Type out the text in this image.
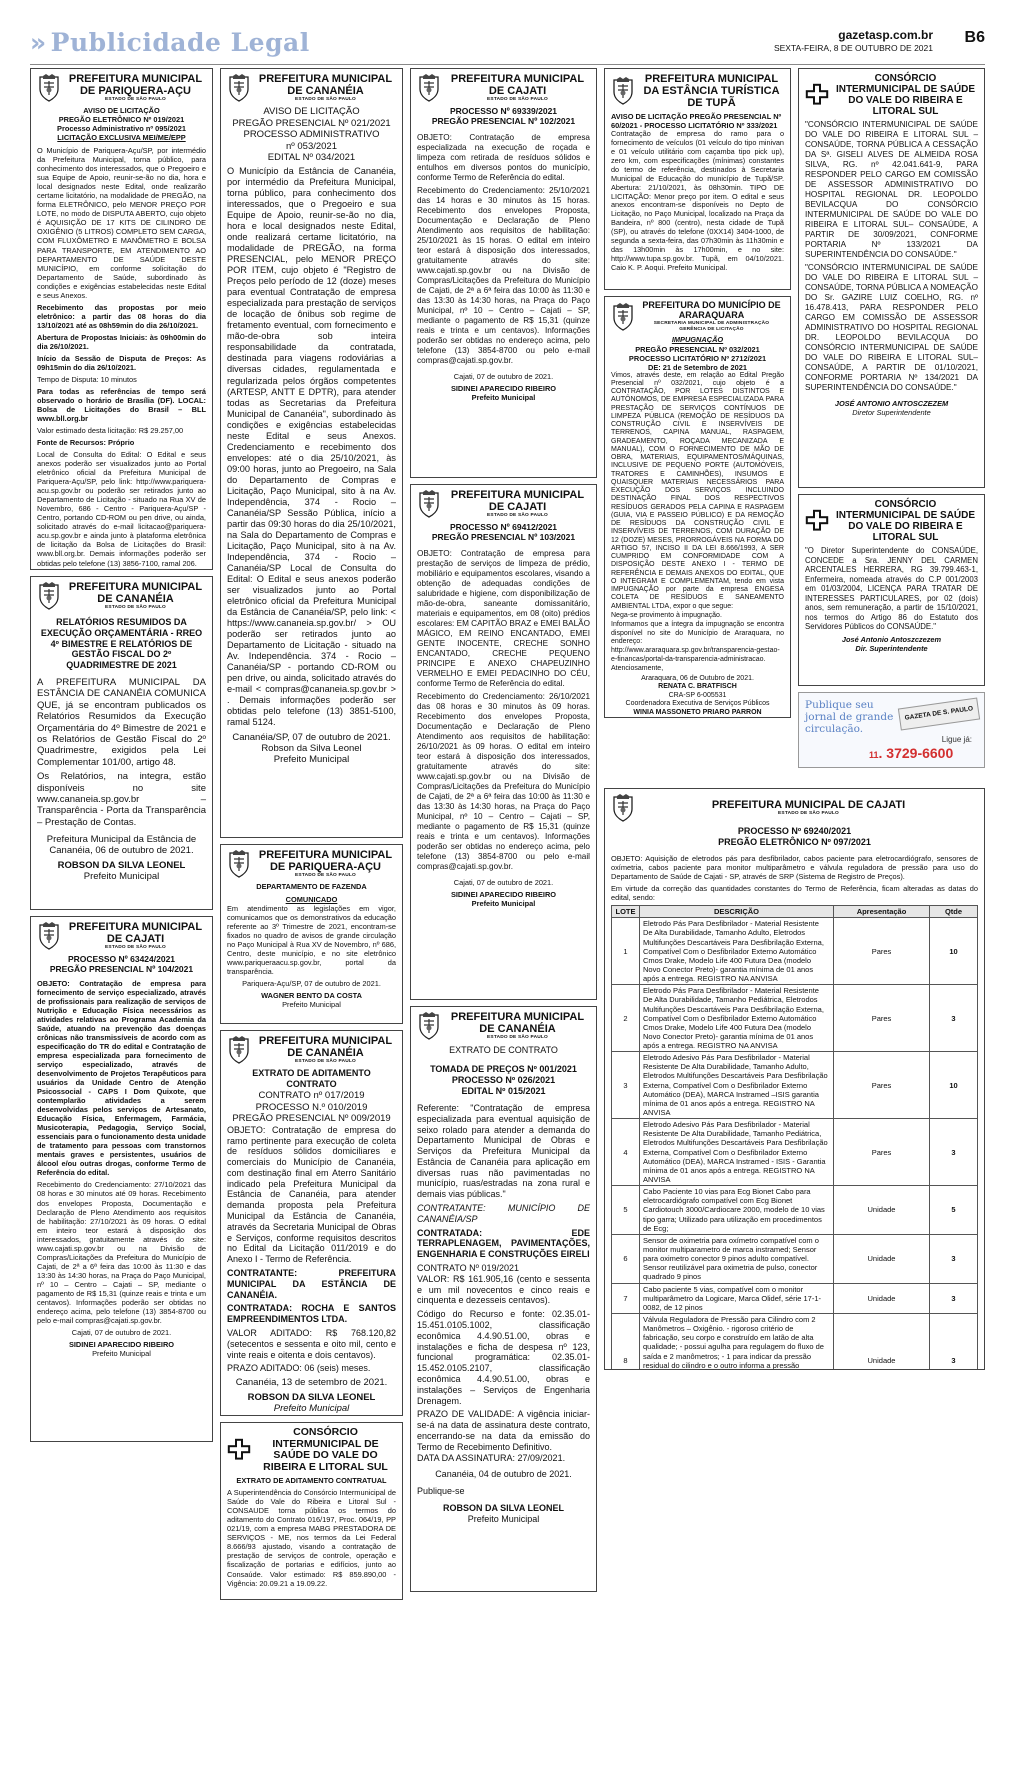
» Publicidade Legal	gazetasp.com.br
SEXTA-FEIRA, 8 DE OUTUBRO DE 2021
B6
PREFEITURA MUNICIPAL DE PARIQUERA-AÇU
ESTADO DE SÃO PAULO
AVISO DE LICITAÇÃO
PREGÃO ELETRÔNICO Nº 019/2021
Processo Administrativo nº 095/2021
LICITAÇÃO EXCLUSIVA MEI/ME/EPP

O Município de Pariquera-Açu/SP, por intermédio da Prefeitura Municipal, torna público, para conhecimento dos interessados, que o Pregoeiro e sua Equipe de Apoio, reunir-se-ão no dia, hora e local designados neste Edital, onde realizarão certame licitatório, na modalidade de PREGÃO, na forma ELETRÔNICO, pelo MENOR PREÇO POR LOTE, no modo de DISPUTA ABERTO, cujo objeto é AQUISIÇÃO DE 17 KITS DE CILINDRO DE OXIGÊNIO (5 LITROS) COMPLETO SEM CARGA, COM FLUXÔMETRO E MANÔMETRO E BOLSA PARA TRANSPORTE, EM ATENDIMENTO AO DEPARTAMENTO DE SAÚDE DESTE MUNICÍPIO, em conforme solicitação do Departamento de Saúde, subordinado às condições e exigências estabelecidas neste Edital e seus Anexos.

Recebimento das propostas por meio eletrônico: a partir das 08 horas do dia 13/10/2021 até as 08h59min do dia 26/10/2021.

Abertura de Propostas Iniciais: às 09h00min do dia 26/10/2021.

Início da Sessão de Disputa de Preços: As 09h15min do dia 26/10/2021.

Tempo de Disputa: 10 minutos

Para todas as referências de tempo será observado o horário de Brasília (DF). LOCAL: Bolsa de Licitações do Brasil – BLL www.bll.org.br

Valor estimado desta licitação: R$ 29.257,00

Fonte de Recursos: Próprio

Local de Consulta do Edital: O Edital e seus anexos poderão ser visualizados junto ao Portal eletrônico oficial da Prefeitura Municipal de Pariquera-Açu/SP, pelo link: http://www.pariquera-acu.sp.gov.br ou poderão ser retirados junto ao Departamento de Licitação - situado na Rua XV de Novembro, 686 - Centro - Pariquera-Açu/SP - Centro, portando CD-ROM ou pen drive, ou ainda, solicitado através do e-mail licitacao@pariquera-acu.sp.gov.br e ainda junto à plataforma eletrônica de licitação da Bolsa de Licitações do Brasil: www.bll.org.br. Demais informações poderão ser obtidas pelo telefone (13) 3856-7100, ramal 206.

PREFEITURA MUNICIPAL DE CANANÉIA
ESTADO DE SÃO PAULO
RELATÓRIOS RESUMIDOS DA EXECUÇÃO ORÇAMENTÁRIA - RREO 4º BIMESTRE E RELATÓRIOS DE GESTÃO FISCAL DO 2º QUADRIMESTRE DE 2021

A PREFEITURA MUNICIPAL DA ESTÂNCIA DE CANANÉIA COMUNICA QUE, já se encontram publicados os Relatórios Resumidos da Execução Orçamentária do 4º Bimestre de 2021 e os Relatórios de Gestão Fiscal do 2º Quadrimestre, exigidos pela Lei Complementar 101/00, artigo 48.

Os Relatórios, na integra, estão disponíveis no site www.cananeia.sp.gov.br – Transparência - Porta da Transparência – Prestação de Contas.

Prefeitura Municipal da Estância de Cananéia, 06 de outubro de 2021.
ROBSON DA SILVA LEONEL
Prefeito Municipal
PREFEITURA MUNICIPAL DE CAJATI
ESTADO DE SÃO PAULO
PROCESSO Nº 63424/2021
PREGÃO PRESENCIAL Nº 104/2021

OBJETO: Contratação de empresa para fornecimento de serviço especializado, através de profissionais para realização de serviços de Nutrição e Educação Física necessários as atividades relativas ao Programa Academia da Saúde, atuando na prevenção das doenças crônicas não transmissíveis de acordo com as especificação do TR do edital e Contratação de empresa especializada para fornecimento de serviço especializado, através de desenvolvimento de Projetos Terapêuticos para usuários da Unidade Centro de Atenção Psicossocial - CAPS I Dom Quixote, que contemplarão atividades a serem desenvolvidas pelos serviços de Artesanato, Educação Física, Enfermagem, Farmácia, Musicoterapia, Pedagogia, Serviço Social, essenciais para o funcionamento desta unidade de tratamento para pessoas com transtornos mentais graves e persistentes, usuários de álcool e/ou outras drogas, conforme Termo de Referência do edital.

Recebimento do Credenciamento: 27/10/2021 das 08 horas e 30 minutos até 09 horas. Recebimento dos envelopes Proposta, Documentação e Declaração de Pleno Atendimento aos requisitos de habilitação: 27/10/2021 às 09 horas. O edital em inteiro teor estará à disposição dos interessados, gratuitamente através do site: www.cajati.sp.gov.br ou na Divisão de Compras/Licitações da Prefeitura do Município de Cajati, de 2ª a 6ª feira das 10:00 às 11:30 e das 13:30 às 14:30 horas, na Praça do Paço Municipal, nº 10 – Centro – Cajati – SP, mediante o pagamento de R$ 15,31 (quinze reais e trinta e um centavos). Informações poderão ser obtidas no endereço acima, pelo telefone (13) 3854-8700 ou pelo e-mail compras@cajati.sp.gov.br.

Cajati, 07 de outubro de 2021.
SIDINEI APARECIDO RIBEIRO
Prefeito Municipal
PREFEITURA MUNICIPAL DE CANANÉIA
ESTADO DE SÃO PAULO
AVISO DE LICITAÇÃO
PREGÃO PRESENCIAL Nº 021/2021
PROCESSO ADMINISTRATIVO
nº 053/2021
EDITAL Nº 034/2021

O Município da Estância de Cananéia, por intermédio da Prefeitura Municipal, torna público, para conhecimento dos interessados, que o Pregoeiro e sua Equipe de Apoio, reunir-se-ão no dia, hora e local designados neste Edital, onde realizará certame licitatório, na modalidade de PREGÃO, na forma PRESENCIAL, pelo MENOR PREÇO POR ITEM, cujo objeto é "Registro de Preços pelo período de 12 (doze) meses para eventual Contratação de empresa especializada para prestação de serviços de locação de ônibus sob regime de fretamento eventual, com fornecimento e mão-de-obra sob inteira responsabilidade da contratada, destinada para viagens rodoviárias a diversas cidades, regulamentada e regularizada pelos órgãos competentes (ARTESP, ANTT E DPTR), para atender todas as Secretarias da Prefeitura Municipal de Cananéia", subordinado às condições e exigências estabelecidas neste Edital e seus Anexos. Credenciamento e recebimento dos envelopes: até o dia 25/10/2021, às 09:00 horas, junto ao Pregoeiro, na Sala do Departamento de Compras e Licitação, Paço Municipal, sito à na Av. Independência, 374 - Rocio – Cananéia/SP Sessão Pública, início a partir das 09:30 horas do dia 25/10/2021, na Sala do Departamento de Compras e Licitação, Paço Municipal, sito à na Av. Independência, 374 - Rocio – Cananéia/SP Local de Consulta do Edital: O Edital e seus anexos poderão ser visualizados junto ao Portal eletrônico oficial da Prefeitura Municipal da Estância de Cananéia/SP, pelo link: < https://www.cananeia.sp.gov.br/ > OU poderão ser retirados junto ao Departamento de Licitação - situado na Av. Independência. 374 - Rocio – Cananéia/SP - portando CD-ROM ou pen drive, ou ainda, solicitado através do e-mail < compras@cananeia.sp.gov.br > . Demais informações poderão ser obtidas pelo telefone (13) 3851-5100, ramal 5124.

Cananéia/SP, 07 de outubro de 2021.
Robson da Silva Leonel
Prefeito Municipal
PREFEITURA MUNICIPAL DE PARIQUERA-AÇU
ESTADO DE SÃO PAULO
DEPARTAMENTO DE FAZENDA
COMUNICADO

Em atendimento as legislações em vigor, comunicamos que os demonstrativos da educação referente ao 3º Trimestre de 2021, encontram-se fixados no quadro de avisos de grande circulação no Paço Municipal à Rua XV de Novembro, nº 686, Centro, deste município, e no site eletrônico www.pariqueraacu.sp.gov.br, portal da transparência.

Pariquera-Açu/SP, 07 de outubro de 2021.
WAGNER BENTO DA COSTA
Prefeito Municipal
PREFEITURA MUNICIPAL DE CANANÉIA
ESTADO DE SÃO PAULO
EXTRATO DE ADITAMENTO CONTRATO
CONTRATO nº 017/2019
PROCESSO N.º 010/2019
PREGÃO PRESENCIAL Nº 009/2019

OBJETO: Contratação de empresa do ramo pertinente para execução de coleta de resíduos sólidos domiciliares e comerciais do Município de Cananéia, com destinação final em Aterro Sanitário indicado pela Prefeitura Municipal da Estância de Cananéia, para atender demanda proposta pela Prefeitura Municipal da Estância de Cananéia, através da Secretaria Municipal de Obras e Serviços, conforme requisitos descritos no Edital da Licitação 011/2019 e do Anexo I - Termo de Referência.

CONTRATANTE: PREFEITURA MUNICIPAL DA ESTÂNCIA DE CANANÉIA.

CONTRATADA: ROCHA E SANTOS EMPREENDIMENTOS LTDA.

VALOR ADITADO: R$ 768.120,82 (setecentos e sessenta e oito mil, cento e vinte reais e oitenta e dois centavos).

PRAZO ADITADO: 06 (seis) meses.

Cananéia, 13 de setembro de 2021.
ROBSON DA SILVA LEONEL
Prefeito Municipal
CONSÓRCIO INTERMUNICIPAL DE SAÚDE DO VALE DO RIBEIRA E LITORAL SUL
EXTRATO DE ADITAMENTO CONTRATUAL

A Superintendência do Consórcio Intermunicipal de Saúde do Vale do Ribeira e Litoral Sul - CONSAUDE torna pública os termos do aditamento do Contrato 016/197, Proc. 064/19, PP 021/19, com a empresa MABG PRESTADORA DE SERVIÇOS - ME, nos termos da Lei Federal 8.666/93 ajustado, visando a contratação de prestação de serviços de controle, operação e fiscalização de portarias e edifícios, junto ao Consaúde. Valor estimado: R$ 859.890,00 - Vigência: 20.09.21 a 19.09.22.

PREFEITURA MUNICIPAL DE CAJATI
ESTADO DE SÃO PAULO
PROCESSO Nº 69339/2021
PREGÃO PRESENCIAL Nº 102/2021

OBJETO: Contratação de empresa especializada na execução de roçada e limpeza com retirada de resíduos sólidos e entulhos em diversos pontos do município, conforme Termo de Referência do edital.

Recebimento do Credenciamento: 25/10/2021 das 14 horas e 30 minutos às 15 horas. Recebimento dos envelopes Proposta, Documentação e Declaração de Pleno Atendimento aos requisitos de habilitação: 25/10/2021 às 15 horas. O edital em inteiro teor estará à disposição dos interessados, gratuitamente através do site: www.cajati.sp.gov.br ou na Divisão de Compras/Licitações da Prefeitura do Município de Cajati, de 2ª a 6ª feira das 10:00 às 11:30 e das 13:30 às 14:30 horas, na Praça do Paço Municipal, nº 10 – Centro – Cajati – SP, mediante o pagamento de R$ 15,31 (quinze reais e trinta e um centavos). Informações poderão ser obtidas no endereço acima, pelo telefone (13) 3854-8700 ou pelo e-mail compras@cajati.sp.gov.br.

Cajati, 07 de outubro de 2021.
SIDINEI APARECIDO RIBEIRO
Prefeito Municipal
PREFEITURA MUNICIPAL DE CAJATI
ESTADO DE SÃO PAULO
PROCESSO Nº 69412/2021
PREGÃO PRESENCIAL Nº 103/2021

OBJETO: Contratação de empresa para prestação de serviços de limpeza de prédio, mobiliário e equipamentos escolares, visando a obtenção de adequadas condições de salubridade e higiene, com disponibilização de mão-de-obra, saneante domissanitário, materiais e equipamentos, em 08 (oito) prédios escolares: EM CAPITÃO BRAZ e EMEI BALÃO MÁGICO, EM REINO ENCANTADO, EMEI GENTE INOCENTE, CRECHE SONHO ENCANTADO, CRECHE PEQUENO PRINCIPE E ANEXO CHAPEUZINHO VERMELHO E EMEI PEDACINHO DO CÉU, conforme Termo de Referência do edital.

Recebimento do Credenciamento: 26/10/2021 das 08 horas e 30 minutos às 09 horas. Recebimento dos envelopes Proposta, Documentação e Declaração de Pleno Atendimento aos requisitos de habilitação: 26/10/2021 às 09 horas. O edital em inteiro teor estará à disposição dos interessados, gratuitamente através do site: www.cajati.sp.gov.br ou na Divisão de Compras/Licitações da Prefeitura do Município de Cajati, de 2ª a 6ª feira das 10:00 às 11:30 e das 13:30 às 14:30 horas, na Praça do Paço Municipal, nº 10 – Centro – Cajati – SP, mediante o pagamento de R$ 15,31 (quinze reais e trinta e um centavos). Informações poderão ser obtidas no endereço acima, pelo telefone (13) 3854-8700 ou pelo e-mail compras@cajati.sp.gov.br.

Cajati, 07 de outubro de 2021.
SIDINEI APARECIDO RIBEIRO
Prefeito Municipal
PREFEITURA MUNICIPAL DE CANANÉIA
ESTADO DE SÃO PAULO
EXTRATO DE CONTRATO
TOMADA DE PREÇOS Nº 001/2021
PROCESSO Nº 026/2021
EDITAL Nº 015/2021

Referente: "Contratação de empresa especializada para eventual aquisição de seixo rolado para atender a demanda do Departamento Municipal de Obras e Serviços da Prefeitura Municipal da Estância de Cananéia para aplicação em diversas ruas não pavimentadas no município, ruas/estradas na zona rural e demais vias públicas."

CONTRATANTE: MUNICÍPIO DE CANANÉIA/SP

CONTRATADA: EDE TERRAPLENAGEM, PAVIMENTAÇÕES, ENGENHARIA E CONSTRUÇÕES EIRELI

CONTRATO Nº 019/2021

VALOR: R$ 161.905,16 (cento e sessenta e um mil novecentos e cinco reais e cinquenta e dezesseis centavos).

Código do Recurso e fonte: 02.35.01-15.451.0105.1002, classificação econômica 4.4.90.51.00, obras e instalações e ficha de despesa nº 123, funcional programática: 02.35.01-15.452.0105.2107, classificação econômica 4.4.90.51.00, obras e instalações – Serviços de Engenharia Drenagem.

PRAZO DE VALIDADE: A vigência iniciar-se-á na data de assinatura deste contrato, encerrando-se na data da emissão do Termo de Recebimento Definitivo.

DATA DA ASSINATURA: 27/09/2021.

Cananéia, 04 de outubro de 2021.
Publique-se
ROBSON DA SILVA LEONEL
Prefeito Municipal
PREFEITURA MUNICIPAL DA ESTÂNCIA TURÍSTICA DE TUPÃ
AVISO DE LICITAÇÃO PREGÃO PRESENCIAL Nº 60/2021 - PROCESSO LICITATÓRIO Nº 333/2021

Contratação de empresa do ramo para o fornecimento de veículos (01 veículo do tipo minivan e 01 veículo utilitário com caçamba tipo pick up), zero km, com especificações (mínimas) constantes do termo de referência, destinados à Secretaria Municipal de Educação do município de Tupã/SP. Abertura: 21/10/2021, às 08h30min. TIPO DE LICITAÇÃO: Menor preço por item. O edital e seus anexos encontram-se disponíveis no Depto de Licitação, no Paço Municipal, localizado na Praça da Bandeira, nº 800 (centro), nesta cidade de Tupã (SP), ou através do telefone (0XX14) 3404-1000, de segunda a sexta-feira, das 07h30min às 11h30min e das 13h00min às 17h00min, e no site: http://www.tupa.sp.gov.br. Tupã, em 04/10/2021. Caio K. P. Aoqui. Prefeito Municipal.

PREFEITURA DO MUNICÍPIO DE ARARAQUARA
SECRETARIA MUNICIPAL DE ADMINISTRAÇÃO
GERÊNCIA DE LICITAÇÃO
IMPUGNAÇÃO
PREGÃO PRESENCIAL Nº 032/2021
PROCESSO LICITATÓRIO Nº 2712/2021
DE: 21 de Setembro de 2021

Vimos, através deste, em relação ao Edital Pregão Presencial nº 032/2021, cujo objeto é a CONTRATAÇÃO, POR LOTES DISTINTOS E AUTÔNOMOS, DE EMPRESA ESPECIALIZADA PARA PRESTAÇÃO DE SERVIÇOS CONTÍNUOS DE LIMPEZA PÚBLICA (REMOÇÃO DE RESÍDUOS DA CONSTRUÇÃO CIVIL E INSERVÍVEIS DE TERRENOS, CAPINA MANUAL, RASPAGEM, GRADEAMENTO, ROÇADA MECANIZADA E MANUAL), COM O FORNECIMENTO DE MÃO DE OBRA, MATERIAIS, EQUIPAMENTOS/MÁQUINAS, INCLUSIVE DE PEQUENO PORTE (AUTOMÓVEIS, TRATORES E CAMINHÕES), INSUMOS E QUAISQUER MATERIAIS NECESSÁRIOS PARA EXECUÇÃO DOS SERVIÇOS INCLUINDO DESTINAÇÃO FINAL DOS RESPECTIVOS RESÍDUOS GERADOS PELA CAPINA E RASPAGEM (GUIA, VIA E PASSEIO PÚBLICO) E DA REMOÇÃO DE RESÍDUOS DA CONSTRUÇÃO CIVIL E INSERVÍVEIS DE TERRENOS, COM DURAÇÃO DE 12 (DOZE) MESES, PRORROGÁVEIS NA FORMA DO ARTIGO 57, INCISO II DA LEI 8.666/1993, A SER CUMPRIDO EM CONFORMIDADE COM A DISPOSIÇÃO DESTE ANEXO I - TERMO DE REFERÊNCIA E DEMAIS ANEXOS DO EDITAL, QUE O INTEGRAM E COMPLEMENTAM, tendo em vista IMPUGNAÇÃO por parte da empresa ENGESA COLETA DE RESÍDUOS E SANEAMENTO AMBIENTAL LTDA, expor o que segue:

Nega-se provimento à impugnação.

Informamos que a íntegra da impugnação se encontra disponível no site do Município de Araraquara, no endereço: http://www.araraquara.sp.gov.br/transparencia-gestao-e-financas/portal-da-transparencia-administracao.

Atenciosamente,

Araraquara, 06 de Outubro de 2021.
RENATA C. BRATFISCH
CRA-SP 6-005531
Coordenadora Executiva de Serviços Públicos
WINIA MASSONETO PRIARO PARRON
CONSÓRCIO INTERMUNICIPAL DE SAÚDE DO VALE DO RIBEIRA E LITORAL SUL

"CONSÓRCIO INTERMUNICIPAL DE SAÚDE DO VALE DO RIBEIRA E LITORAL SUL – CONSAÚDE, TORNA PÚBLICA A CESSAÇÃO DA Sª. GISELI ALVES DE ALMEIDA ROSA SILVA, RG. nº 42.041.641-9, PARA RESPONDER PELO CARGO EM COMISSÃO DE ASSESSOR ADMINISTRATIVO DO HOSPITAL REGIONAL DR. LEOPOLDO BEVILACQUA DO CONSÓRCIO INTERMUNICIPAL DE SAÚDE DO VALE DO RIBEIRA E LITORAL SUL– CONSAÚDE, A PARTIR DE 30/09/2021, CONFORME PORTARIA Nº 133/2021 DA SUPERINTENDÊNCIA DO CONSAÚDE."

"CONSÓRCIO INTERMUNICIPAL DE SAÚDE DO VALE DO RIBEIRA E LITORAL SUL – CONSAÚDE, TORNA PÚBLICA A NOMEAÇÃO DO Sr. GAZIRE LUIZ COELHO, RG. nº 16.478.413, PARA RESPONDER PELO CARGO EM COMISSÃO DE ASSESSOR ADMINISTRATIVO DO HOSPITAL REGIONAL DR. LEOPOLDO BEVILACQUA DO CONSÓRCIO INTERMUNICIPAL DE SAÚDE DO VALE DO RIBEIRA E LITORAL SUL– CONSAÚDE, A PARTIR DE 01/10/2021, CONFORME PORTARIA Nº 134/2021 DA SUPERINTENDÊNCIA DO CONSAÚDE."

JOSÉ ANTONIO ANTOSCZEZEM
Diretor Superintendente
CONSÓRCIO INTERMUNICIPAL DE SAÚDE DO VALE DO RIBEIRA E LITORAL SUL

"O Diretor Superintendente do CONSAÚDE, CONCEDE a Sra. JENNY DEL CARMEN ARCENTALES HERRERA, RG 39.799.463-1, Enfermeira, nomeada através do C.P 001/2003 em 01/03/2004, LICENÇA PARA TRATAR DE INTERESSES PARTICULARES, por 02 (dois) anos, sem remuneração, a partir de 15/10/2021, nos termos do Artigo 86 do Estatuto dos Servidores Públicos do CONSAÚDE."

José Antonio Antoszczezem
Dir. Superintendente
Publique seu
jornal de grande
circulação.
GAZETA DE S. PAULO
Ligue já:
11. 3729-6600
PREFEITURA MUNICIPAL DE CAJATI
ESTADO DE SÃO PAULO
PROCESSO Nº 69240/2021
PREGÃO ELETRÔNICO Nº 097/2021

OBJETO: Aquisição de eletrodos pás para desfibrilador, cabos paciente para eletrocardiógrafo, sensores de oxímetria, cabos paciente para monitor multiparâmetro e válvula reguladora de pressão para uso do Departamento de Saúde de Cajati - SP, através de SRP (Sistema de Registro de Preços).

Em virtude da correção das quantidades constantes do Termo de Referência, ficam alteradas as datas do edital, sendo:

LOTE	DESCRIÇÃO	Apresentação	Qtde
1	Eletrodo Pás Para Desfibrilador - Material Resistente De Alta Durabilidade, Tamanho Adulto, Eletrodos Multifunções Descartáveis Para Desfibrilação Externa, Compatível Com o Desfibrilador Externo Automático Cmos Drake, Modelo Life 400 Futura Dea (modelo Novo Conector Preto)- garantia mínima de 01 anos após a entrega. REGISTRO NA ANVISA	Pares	10
2	Eletrodo Pás Para Desfibrilador - Material Resistente De Alta Durabilidade, Tamanho Pediátrica, Eletrodos Multifunções Descartáveis Para Desfibrilação Externa, Compatível Com o Desfibrilador Externo Automático Cmos Drake, Modelo Life 400 Futura Dea (modelo Novo Conector Preto)- garantia mínima de 01 anos após a entrega. REGISTRO NA ANVISA	Pares	3
3	Eletrodo Adesivo Pás Para Desfibrilador - Material Resistente De Alta Durabilidade, Tamanho Adulto, Eletrodos Multifunções Descartáveis Para Desfibrilação Externa, Compatível Com o Desfibrilador Externo Automático (DEA), MARCA Instramed –ISIS garantia mínima de 01 anos após a entrega. REGISTRO NA ANVISA	Pares	10
4	Eletrodo Adesivo Pás Para Desfibrilador - Material Resistente De Alta Durabilidade, Tamanho Pediátrica, Eletrodos Multifunções Descartáveis Para Desfibrilação Externa, Compatível Com o Desfibrilador Externo Automático (DEA), MARCA Instramed - ISIS - Garantia mínima de 01 anos após a entrega. REGISTRO NA ANVISA	Pares	3
5	Cabo Paciente 10 vias para Ecg Bionet Cabo para eletrocardiógrafo compatível com Ecg Bionet Cardiotouch 3000/Cardiocare 2000, modelo de 10 vias tipo garra; Utilizado para utilização em procedimentos de Ecg;	Unidade	5
6	Sensor de oximetria para oxímetro compatível com o monitor multiparametro de marca instramed; Sensor para oximetro conector 9 pinos adulto compatível. Sensor reutilizável para oximetria de pulso, conector quadrado 9 pinos	Unidade	3
7	Cabo paciente 5 vias, compatível com o monitor multiparâmetro da Logicare, Marca Olidef, série 17-1-0082, de 12 pinos	Unidade	3
8	Válvula Reguladora de Pressão para Cilindro com 2 Manômetros – Oxigênio. - rigoroso critério de fabricação, seu corpo e construído em latão de alta qualidade; - possui agulha para regulagem do fluxo de saída e 2 manômetros; - 1 para indicar da pressão residual do cilindro e o outro informa a pressão	Unidade	3
